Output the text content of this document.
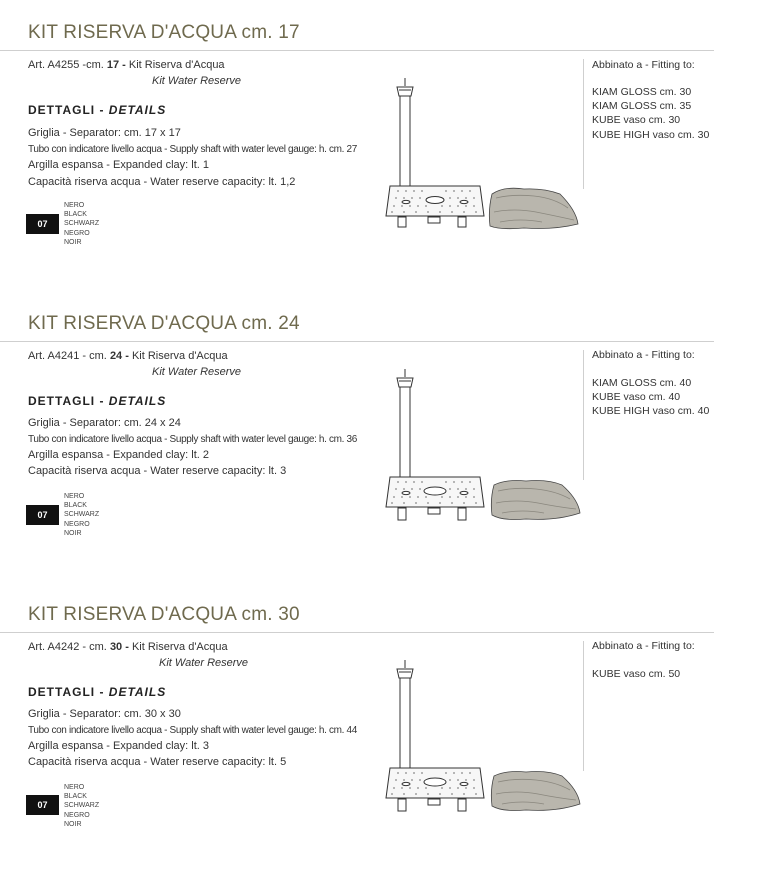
KIT RISERVA D'ACQUA cm. 17
Art. A4255 -cm. 17 - Kit Riserva d'Acqua
Kit Water Reserve
DETTAGLI - DETAILS
Griglia - Separator: cm. 17 x 17
Tubo con indicatore livello acqua - Supply shaft with water level gauge: h. cm. 27
Argilla espansa - Expanded clay: lt. 1
Capacità riserva acqua - Water reserve capacity: lt. 1,2
07
NERO
BLACK
SCHWARZ
NEGRO
NOIR
Abbinato a - Fitting to:
KIAM GLOSS cm. 30
KIAM GLOSS cm. 35
KUBE vaso cm. 30
KUBE HIGH vaso cm. 30
KIT RISERVA D'ACQUA cm. 24
Art. A4241 - cm. 24 - Kit Riserva d'Acqua
Kit Water Reserve
DETTAGLI - DETAILS
Griglia - Separator: cm. 24 x 24
Tubo con indicatore livello acqua - Supply shaft with water level gauge: h. cm. 36
Argilla espansa - Expanded clay: lt. 2
Capacità riserva acqua - Water reserve capacity: lt. 3
07
NERO
BLACK
SCHWARZ
NEGRO
NOIR
Abbinato a - Fitting to:
KIAM GLOSS cm. 40
KUBE vaso cm. 40
KUBE HIGH vaso cm. 40
KIT RISERVA D'ACQUA cm. 30
Art. A4242 - cm. 30 - Kit Riserva d'Acqua
Kit Water Reserve
DETTAGLI - DETAILS
Griglia - Separator: cm. 30 x 30
Tubo con indicatore livello acqua - Supply shaft with water level gauge: h. cm. 44
Argilla espansa - Expanded clay: lt. 3
Capacità riserva acqua - Water reserve capacity: lt. 5
07
NERO
BLACK
SCHWARZ
NEGRO
NOIR
Abbinato a - Fitting to:
KUBE vaso cm. 50
